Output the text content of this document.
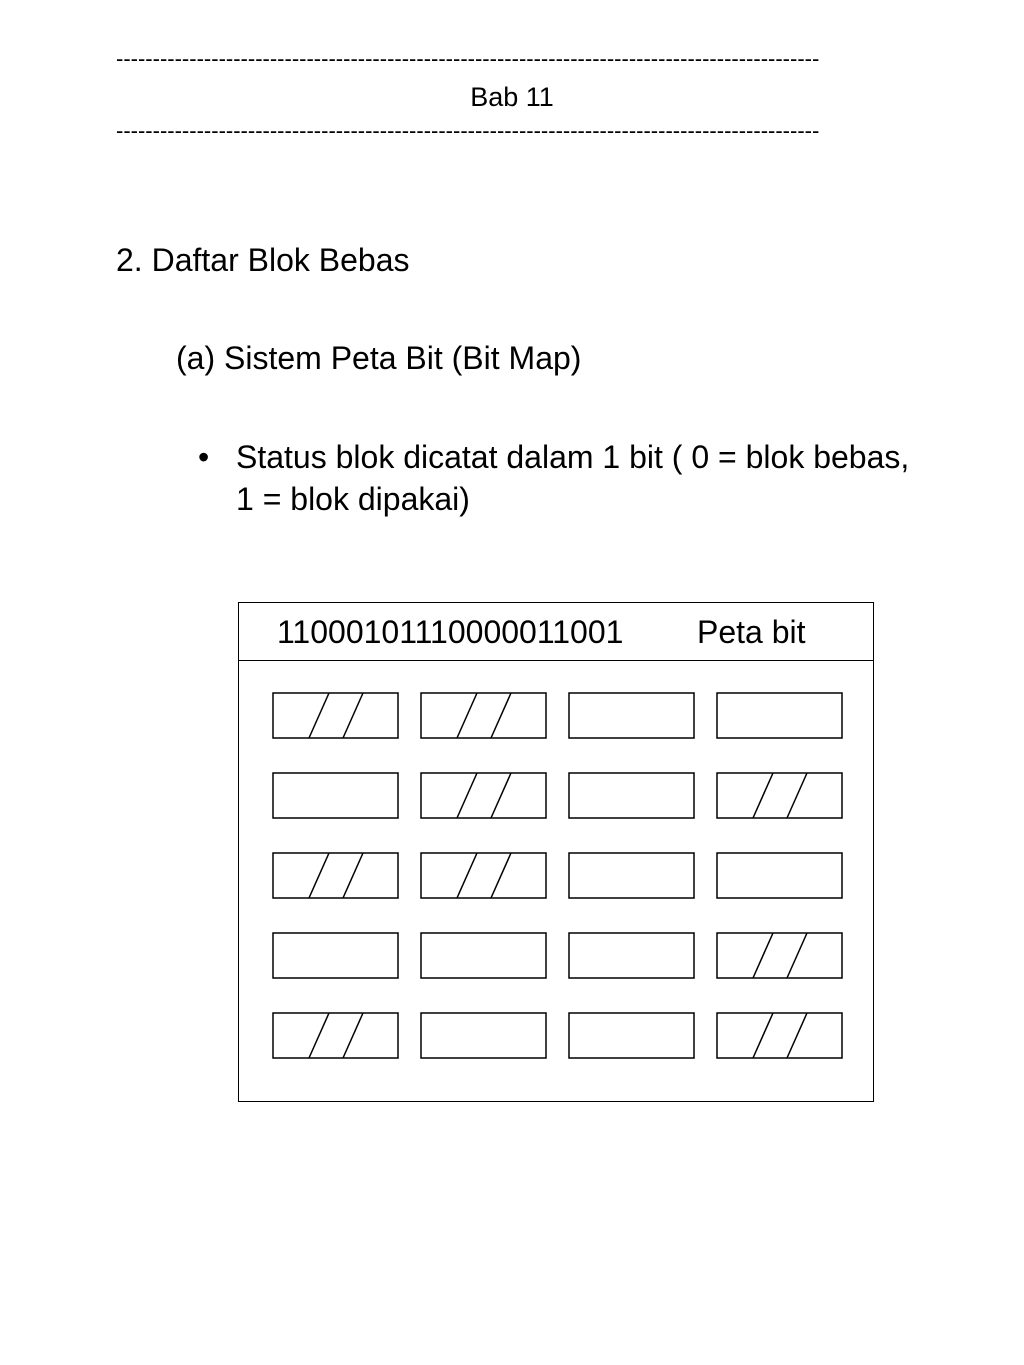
------------------------------------------------------------------------------------------------
Bab 11
------------------------------------------------------------------------------------------------
2. Daftar Blok Bebas
(a) Sistem Peta Bit (Bit Map)
• Status blok dicatat dalam 1 bit ( 0 = blok bebas,
1 = blok dipakai)
11000101110000011001 Peta bit
